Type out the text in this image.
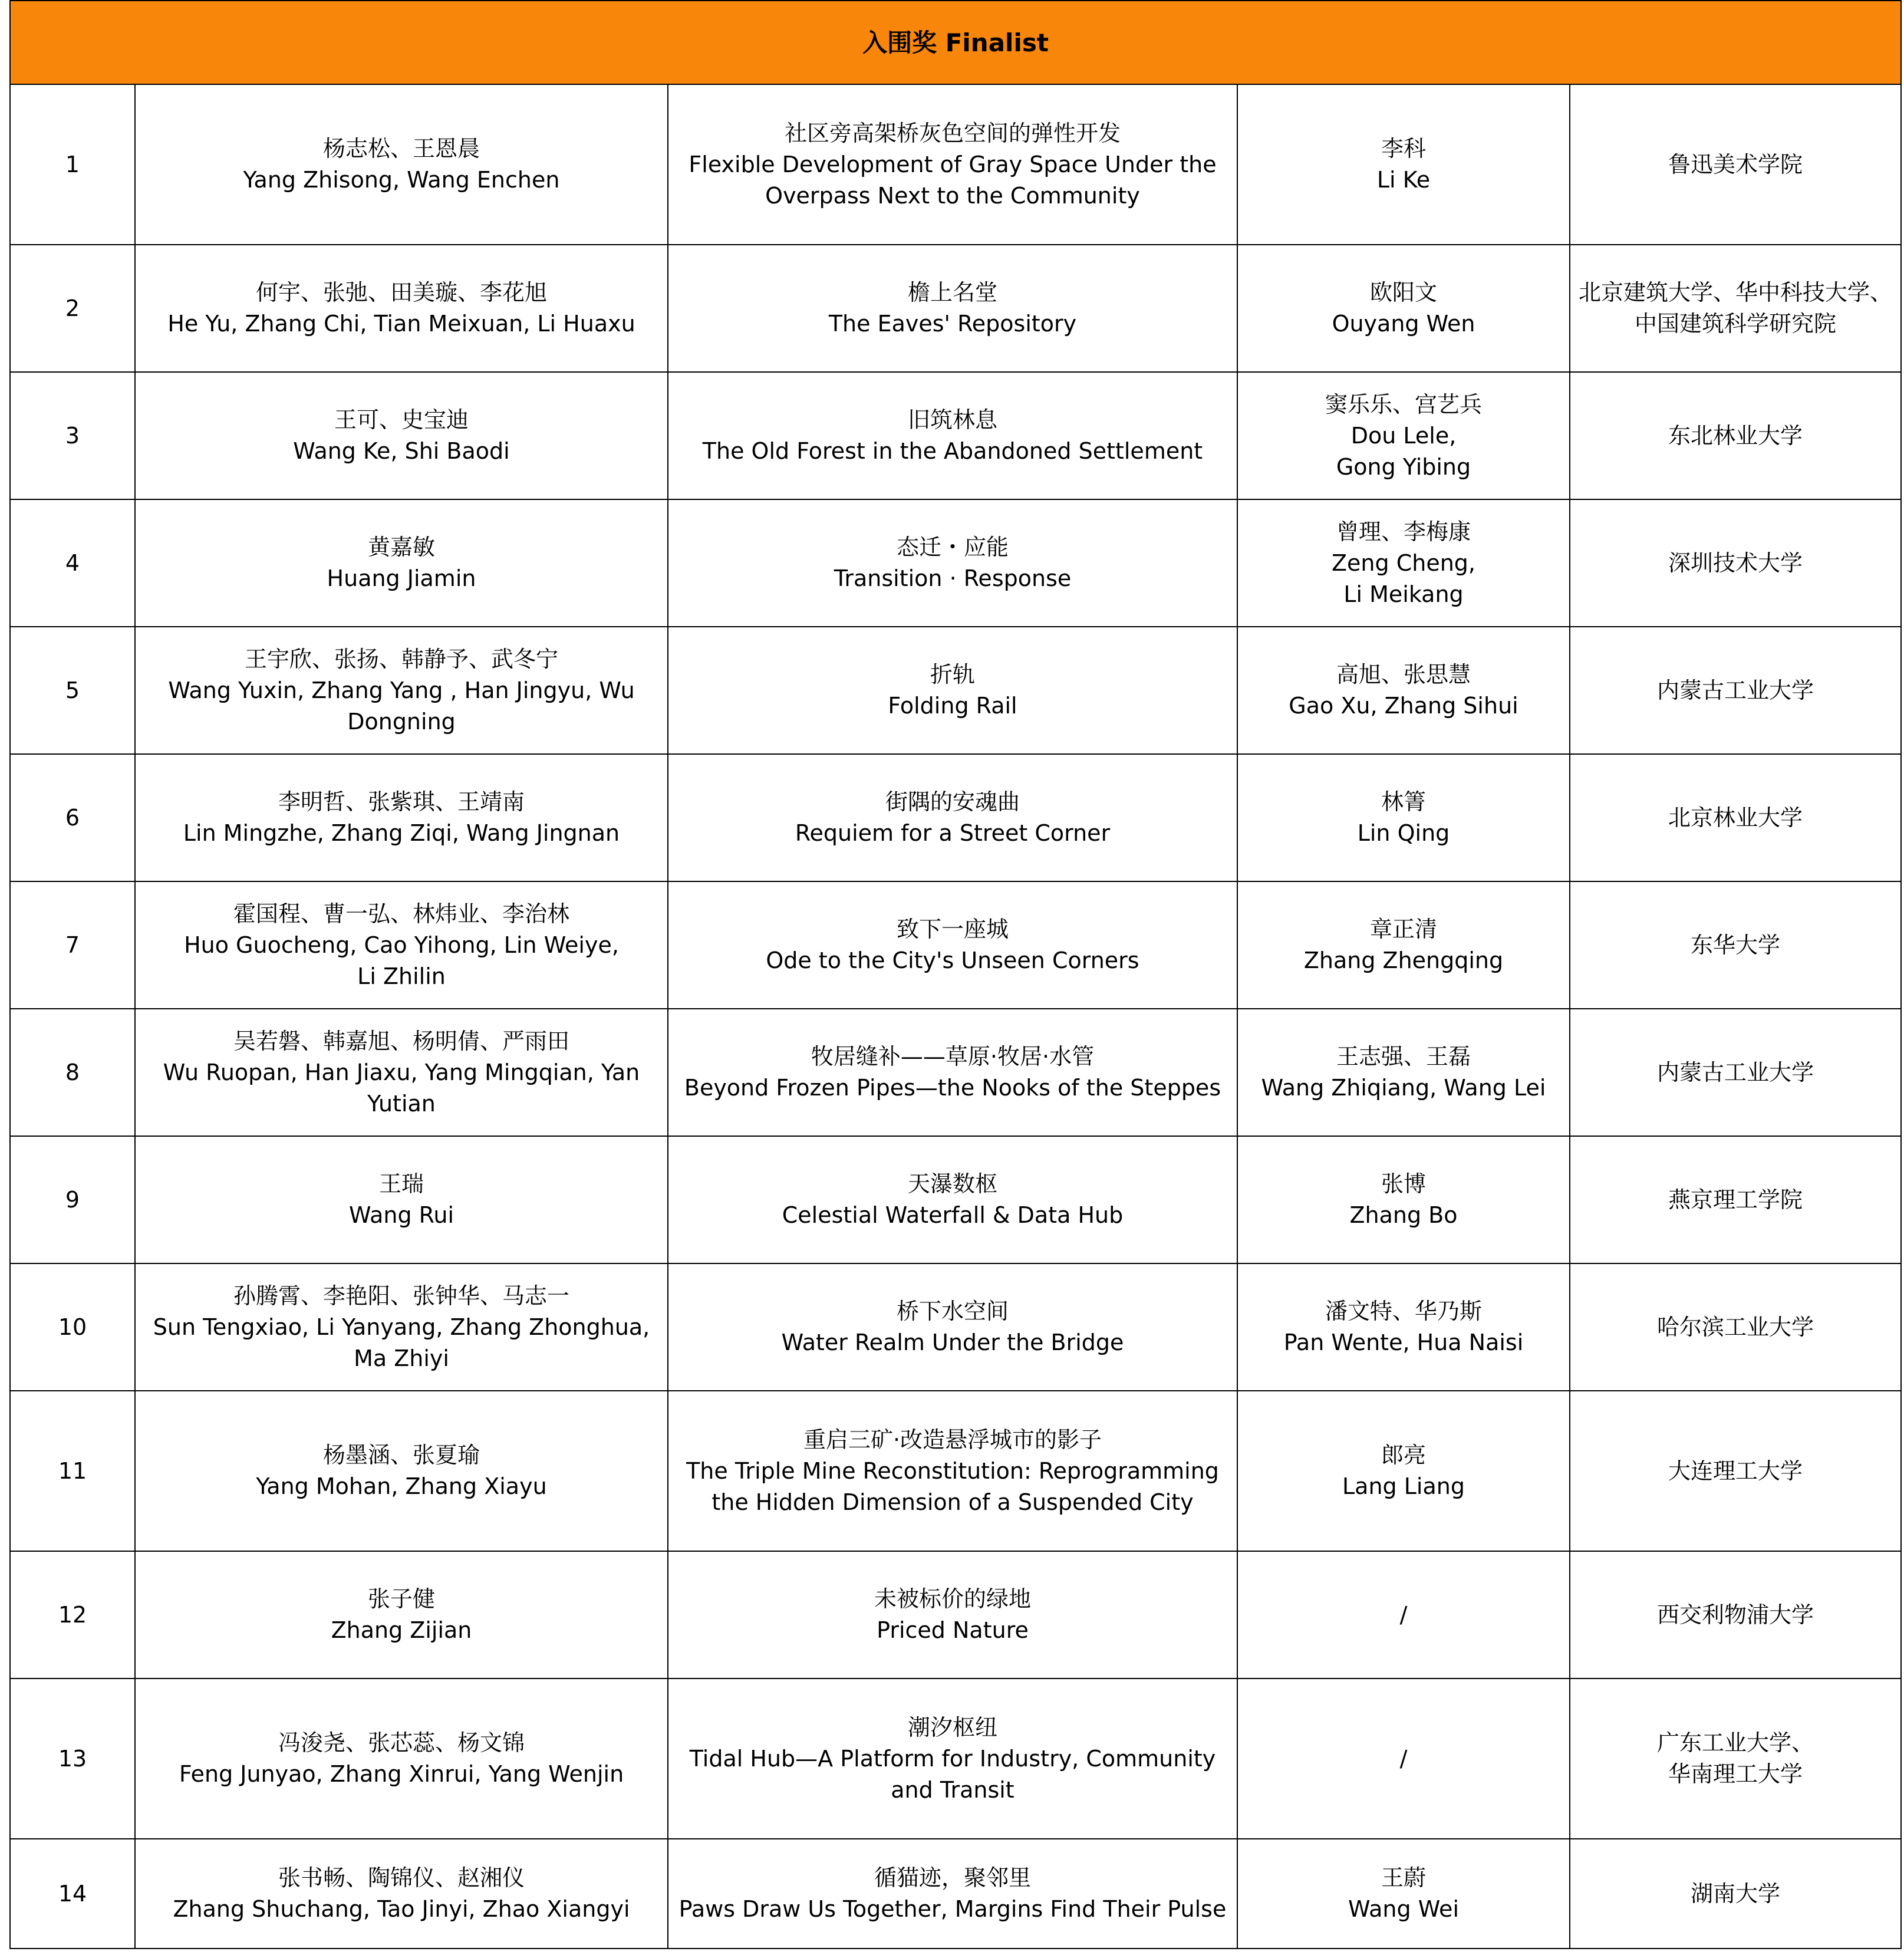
入围奖 Finalist				
1	杨志松、王恩晨
Yang Zhisong, Wang Enchen	社区旁高架桥灰色空间的弹性开发
Flexible Development of Gray Space Under the
Overpass Next to the Community	李科
Li Ke	鲁迅美术学院

2	何宇、张弛、田美璇、李花旭
He Yu, Zhang Chi, Tian Meixuan, Li Huaxu	檐上名堂
The Eaves' Repository	欧阳文
Ouyang Wen	北京建筑大学、华中科技大学、
中国建筑科学研究院

3	王可、史宝迪
Wang Ke, Shi Baodi	旧筑林息
The Old Forest in the Abandoned Settlement	窦乐乐、宫艺兵
Dou Lele,
Gong Yibing	东北林业大学

4	黄嘉敏
Huang Jiamin	态迁・应能
Transition · Response	曾理、李梅康
Zeng Cheng,
Li Meikang	深圳技术大学

5	王宇欣、张扬、韩静予、武冬宁
Wang Yuxin, Zhang Yang , Han Jingyu, Wu
Dongning	折轨
Folding Rail	高旭、张思慧
Gao Xu, Zhang Sihui	内蒙古工业大学

6	李明哲、张紫琪、王靖南
Lin Mingzhe, Zhang Ziqi, Wang Jingnan	街隅的安魂曲
Requiem for a Street Corner	林箐
Lin Qing	北京林业大学

7	霍国程、曹一弘、林炜业、李治林
Huo Guocheng, Cao Yihong, Lin Weiye,
Li Zhilin	致下一座城
Ode to the City's Unseen Corners	章正清
Zhang Zhengqing	东华大学

8	吴若磐、韩嘉旭、杨明倩、严雨田
Wu Ruopan, Han Jiaxu, Yang Mingqian, Yan
Yutian	牧居缝补——草原·牧居·水管
Beyond Frozen Pipes—the Nooks of the Steppes	王志强、王磊
Wang Zhiqiang, Wang Lei	内蒙古工业大学

9	王瑞
Wang Rui	天瀑数枢
Celestial Waterfall & Data Hub	张博
Zhang Bo	燕京理工学院

10	孙腾霄、李艳阳、张钟华、马志一
Sun Tengxiao, Li Yanyang, Zhang Zhonghua,
Ma Zhiyi	桥下水空间
Water Realm Under the Bridge	潘文特、华乃斯
Pan Wente, Hua Naisi	哈尔滨工业大学

11	杨墨涵、张夏瑜
Yang Mohan, Zhang Xiayu	重启三矿·改造悬浮城市的影子
The Triple Mine Reconstitution: Reprogramming
the Hidden Dimension of a Suspended City	郎亮
Lang Liang	大连理工大学

12	张子健
Zhang Zijian	未被标价的绿地
Priced Nature	/	西交利物浦大学

13	冯浚尧、张芯蕊、杨文锦
Feng Junyao, Zhang Xinrui, Yang Wenjin	潮汐枢纽
Tidal Hub—A Platform for Industry, Community
and Transit	/	广东工业大学、
华南理工大学

14	张书畅、陶锦仪、赵湘仪
Zhang Shuchang, Tao Jinyi, Zhao Xiangyi	循猫迹，聚邻里
Paws Draw Us Together, Margins Find Their Pulse	王蔚
Wang Wei	湖南大学
